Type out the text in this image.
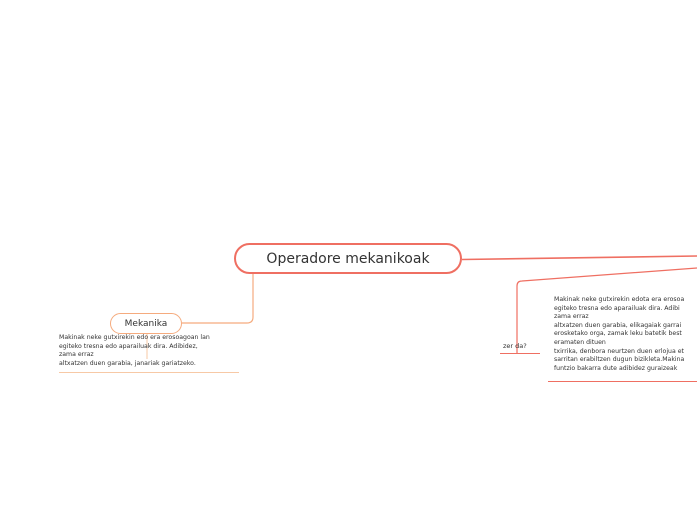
Operadore mekanikoak
Mekanika
Makinak neke gutxirekin edo era erosoagoan lan
egiteko tresna edo aparailuak dira. Adibidez,
zama erraz
altxatzen duen garabia, janariak gariatzeko.
zer da?
Makinak neke gutxirekin edota era erosoa
egiteko tresna edo aparailuak dira. Adibi
zama erraz
altxatzen duen garabia, elikagaiak garrai
erosketako orga, zamak leku batetik best
eramaten dituen
txirrika, denbora neurtzen duen erlojua et
sarritan erabiltzen dugun bizikleta.Makina
funtzio bakarra dute adibidez guraizeak
